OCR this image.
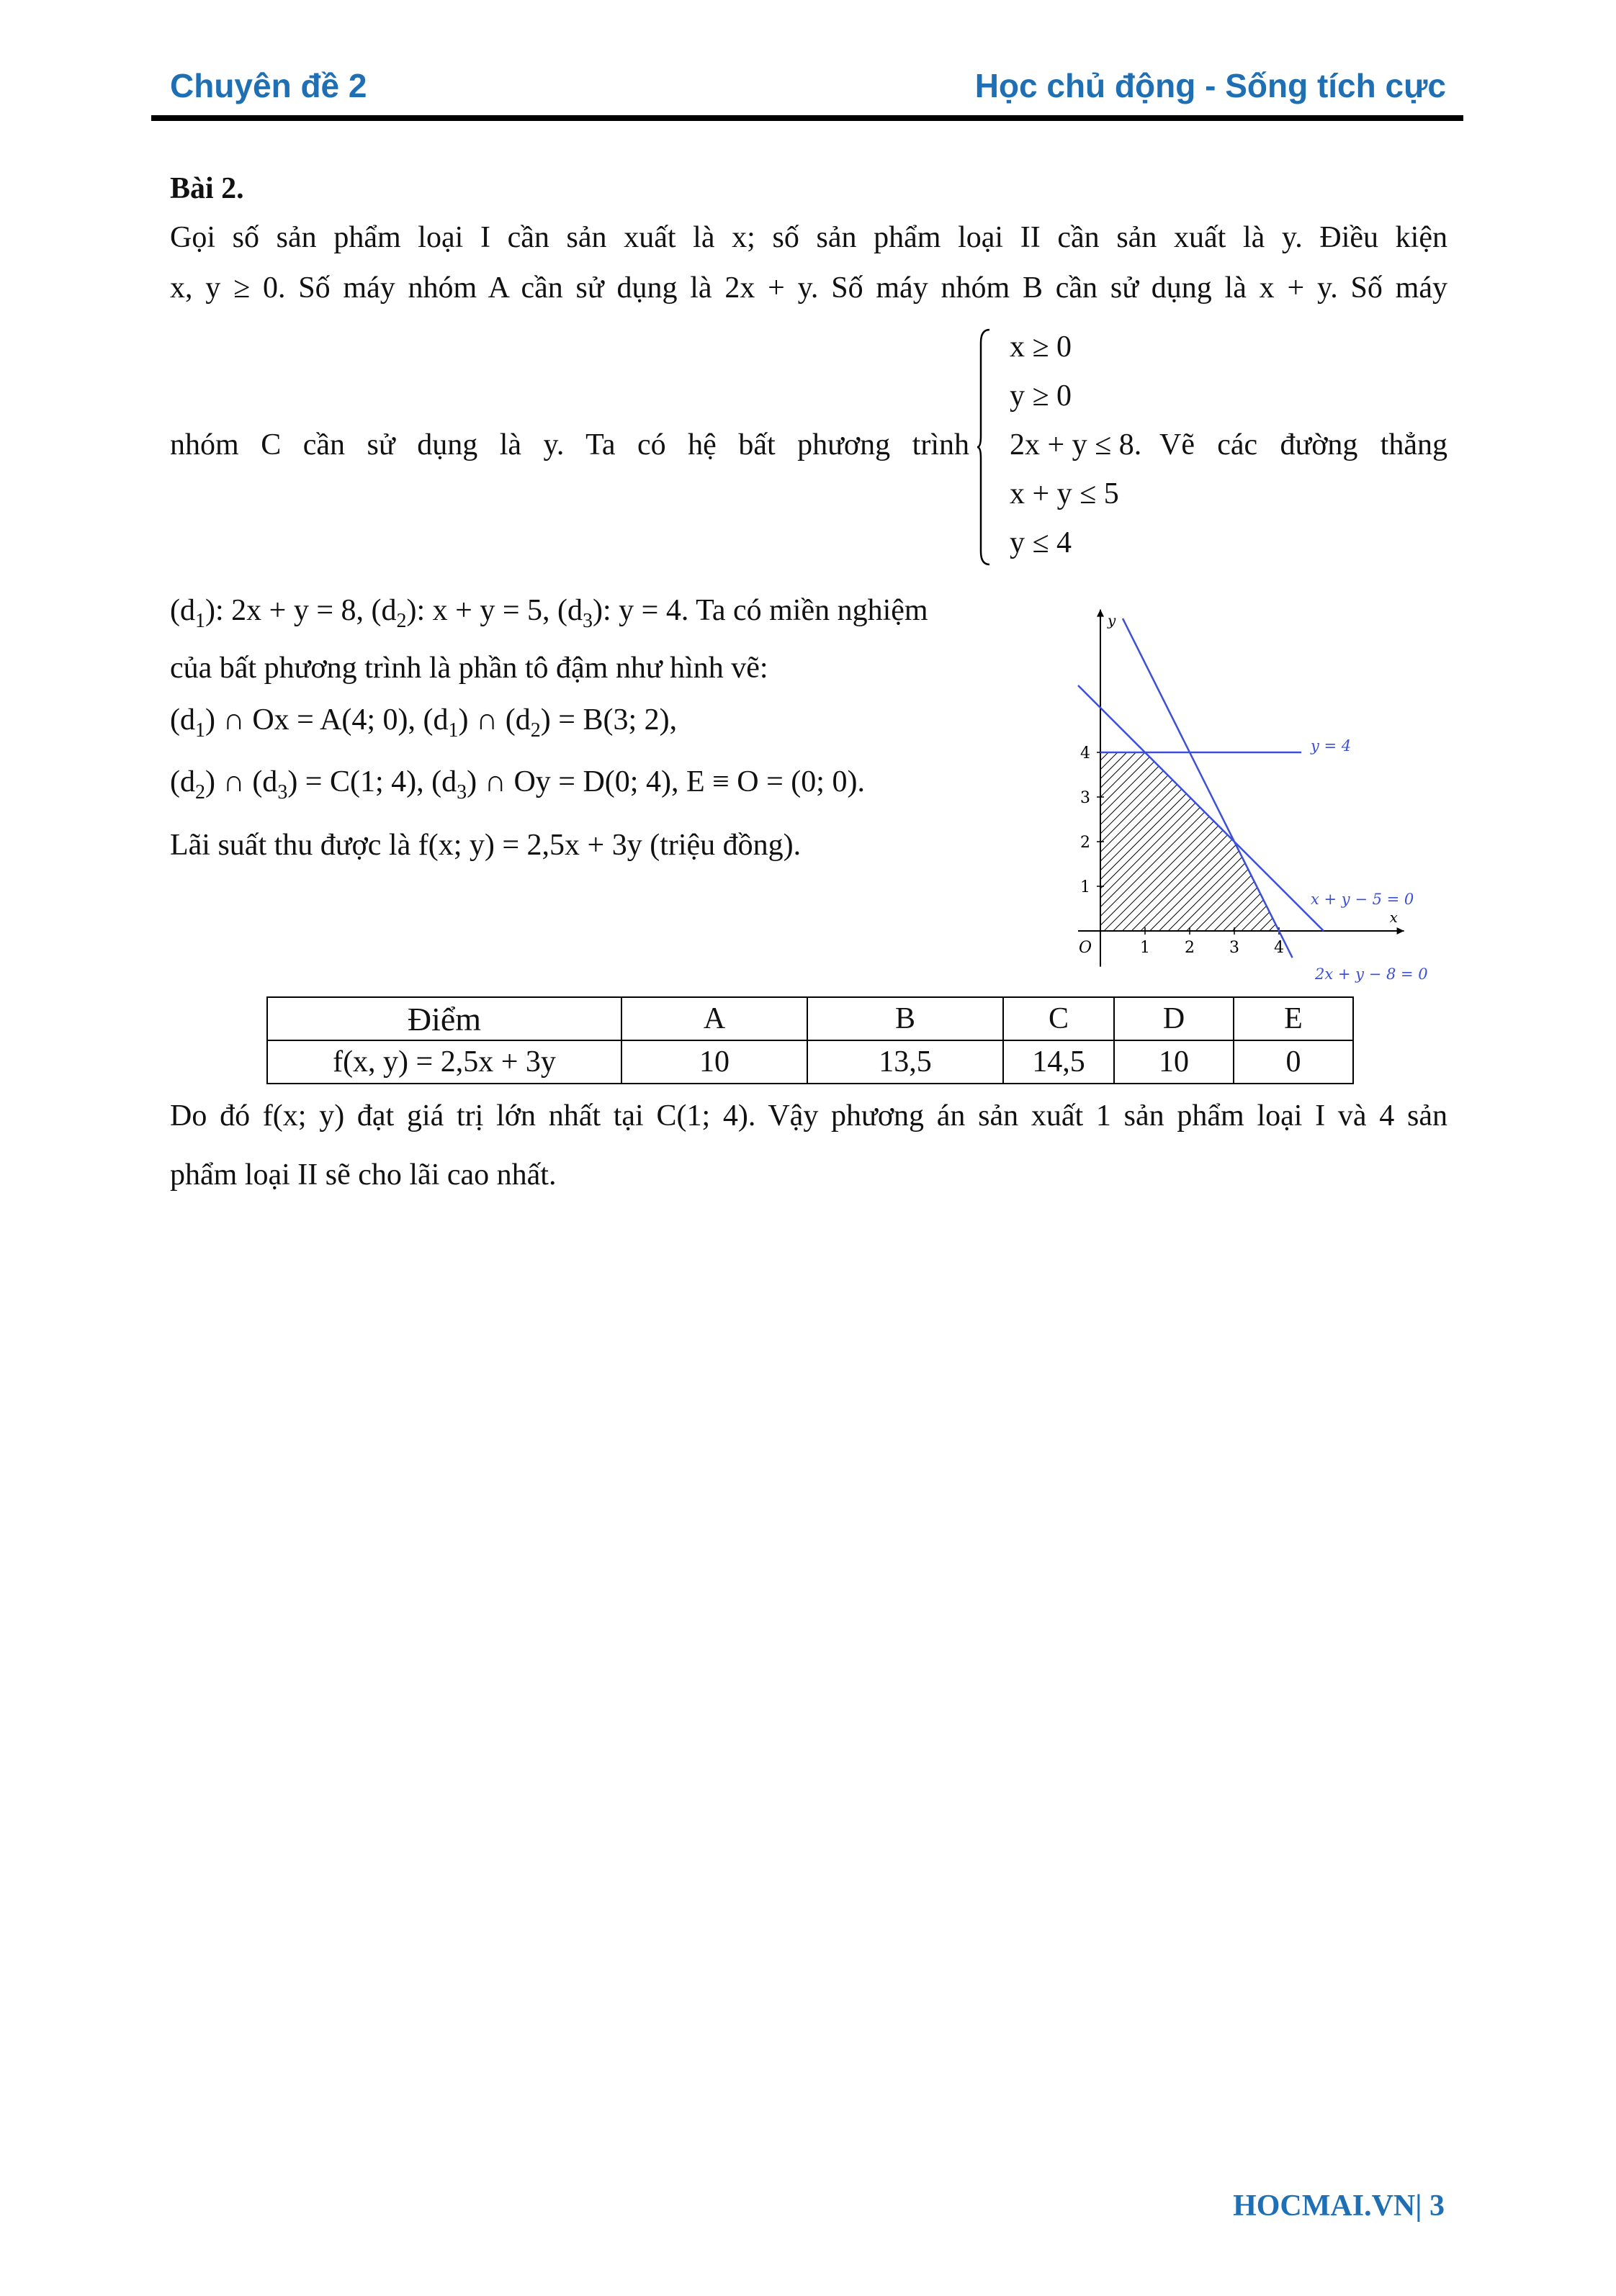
Chuyên đề 2	Học chủ động - Sống tích cực
Bài 2.
Gọi số sản phẩm loại I cần sản xuất là x; số sản phẩm loại II cần sản xuất là y. Điều kiện
x, y ≥ 0. Số máy nhóm A cần sử dụng là 2x + y. Số máy nhóm B cần sử dụng là x + y. Số máy
nhóm C cần sử dụng là y. Ta có hệ bất phương trình	Vẽ các đường thẳng
x ≥ 0
y ≥ 0
2x + y ≤ 8.
x + y ≤ 5
y ≤ 4
$(d_1)$: 2x + y = 8, $(d_2)$: x + y = 5, $(d_3)$: y = 4. Ta có miền nghiệm
của bất phương trình là phần tô đậm như hình vẽ:
$(d_1)$ ∩ Ox = A(4; 0), $(d_1)$ ∩ $(d_2) = B(3$; 2),
$(d_2)$ ∩ $(d_3) = C(1$; 4), $(d_3)$ ∩ Oy = D(0; 4), E ≡ O = (0; 0).
Lãi suất thu được là f(x; y) = 2,5x + 3y (triệu đồng).
1 2 3 4
1
2
3
4
O
x
y
y = 4
x + y − 5 = 0
2x + y − 8 = 0
Điểm	A	B	C	D	E
f(x, y) = 2,5x + 3y	10	13,5	14,5	10	0
Do đó f(x; y) đạt giá trị lớn nhất tại C(1; 4). Vậy phương án sản xuất 1 sản phẩm loại I và 4 sản
phẩm loại II sẽ cho lãi cao nhất.
HOCMAI.VN| 3
